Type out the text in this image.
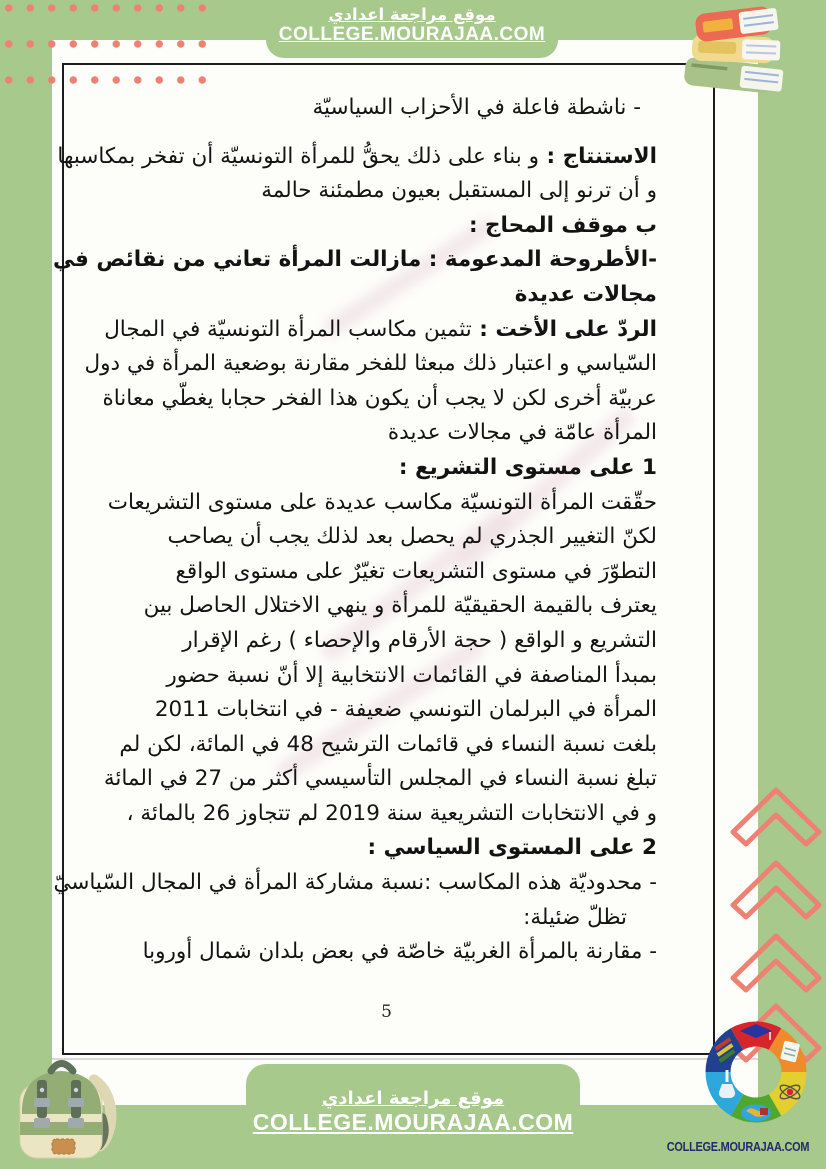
موقع مراجعة اعدادي
COLLEGE.MOURAJAA.COM
- ناشطة فاعلة في الأحزاب السياسيّة
الاستنتاج : و بناء على ذلك يحقُّ للمرأة التونسيّة أن تفخر بمكاسبها
و أن ترنو إلى المستقبل بعيون مطمئنة حالمة
ب موقف المحاج :
-الأطروحة المدعومة : مازالت المرأة تعاني من نقائص في
مجالات عديدة
الردّ على الأخت : تثمين مكاسب المرأة التونسيّة في المجال
السّياسي و اعتبار ذلك مبعثا للفخر مقارنة بوضعية المرأة في دول
عربيّة أخرى لكن لا يجب أن يكون هذا الفخر حجابا يغطّي معاناة
المرأة عامّة في مجالات عديدة
1 على مستوى التشريع :
حقّقت المرأة التونسيّة مكاسب عديدة على مستوى التشريعات
لكنّ التغيير الجذري لم يحصل بعد لذلك يجب أن يصاحب
التطوّرَ في مستوى التشريعات تغيّرٌ على مستوى الواقع
يعترف بالقيمة الحقيقيّة للمرأة و ينهي الاختلال الحاصل بين
التشريع و الواقع ( حجة الأرقام والإحصاء ) رغم الإقرار
بمبدأ المناصفة في القائمات الانتخابية إلا أنّ نسبة حضور
المرأة في البرلمان التونسي ضعيفة - في انتخابات 2011
بلغت نسبة النساء في قائمات الترشيح 48 في المائة، لكن لم
تبلغ نسبة النساء في المجلس التأسيسي أكثر من 27 في المائة
و في الانتخابات التشريعية سنة 2019 لم تتجاوز 26 بالمائة ،
2 على المستوى السياسي :
- محدوديّة هذه المكاسب :نسبة مشاركة المرأة في المجال السّياسيّ
تظلّ ضئيلة:
- مقارنة بالمرأة الغربيّة خاصّة في بعض بلدان شمال أوروبا
5
COLLEGE.MOURAJAA.COM
موقع مراجعة اعدادي
COLLEGE.MOURAJAA.COM
